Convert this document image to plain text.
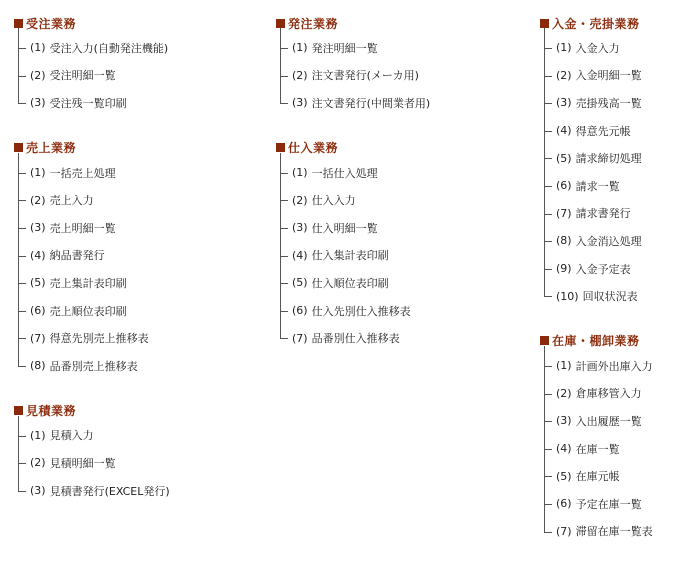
受注業務
(1) 受注入力(自動発注機能)
(2) 受注明細一覧
(3) 受注残一覧印刷
売上業務
(1) 一括売上処理
(2) 売上入力
(3) 売上明細一覧
(4) 納品書発行
(5) 売上集計表印刷
(6) 売上順位表印刷
(7) 得意先別売上推移表
(8) 品番別売上推移表
見積業務
(1) 見積入力
(2) 見積明細一覧
(3) 見積書発行(EXCEL発行)
発注業務
(1) 発注明細一覧
(2) 注文書発行(メーカ用)
(3) 注文書発行(中間業者用)
仕入業務
(1) 一括仕入処理
(2) 仕入入力
(3) 仕入明細一覧
(4) 仕入集計表印刷
(5) 仕入順位表印刷
(6) 仕入先別仕入推移表
(7) 品番別仕入推移表
入金・売掛業務
(1) 入金入力
(2) 入金明細一覧
(3) 売掛残高一覧
(4) 得意先元帳
(5) 請求締切処理
(6) 請求一覧
(7) 請求書発行
(8) 入金消込処理
(9) 入金予定表
(10) 回収状況表
在庫・棚卸業務
(1) 計画外出庫入力
(2) 倉庫移管入力
(3) 入出履歴一覧
(4) 在庫一覧
(5) 在庫元帳
(6) 予定在庫一覧
(7) 滞留在庫一覧表
